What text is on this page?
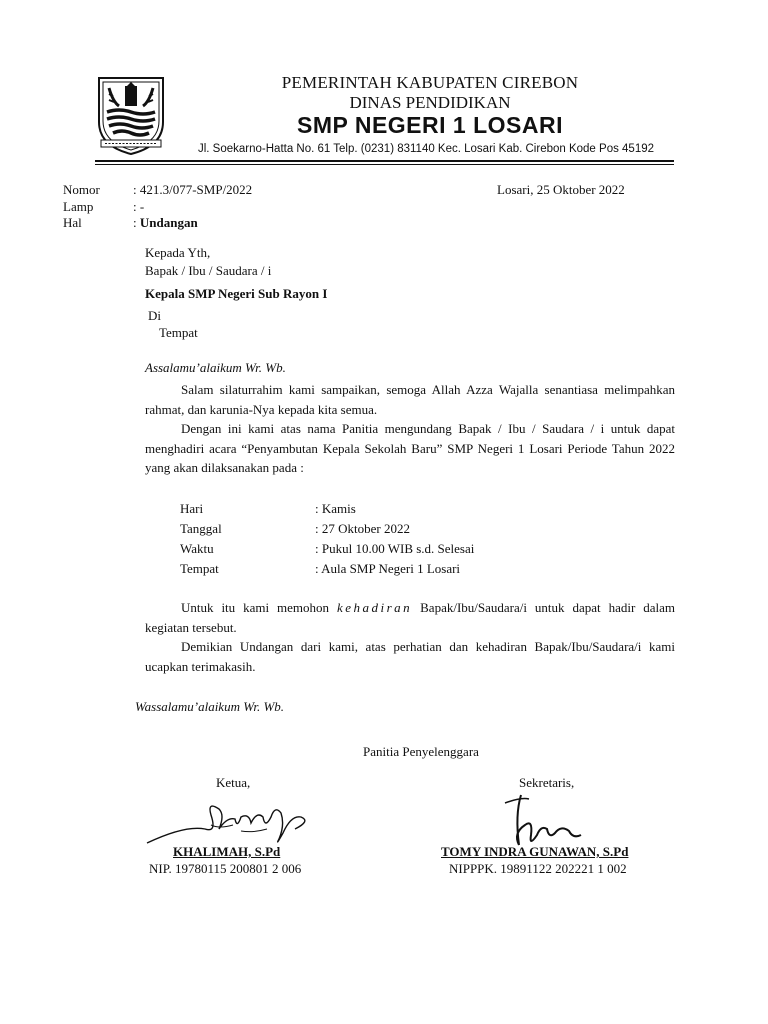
PEMERINTAH KABUPATEN CIREBON
DINAS PENDIDIKAN
SMP NEGERI 1 LOSARI
Jl. Soekarno-Hatta No. 61 Telp. (0231) 831140 Kec. Losari Kab. Cirebon Kode Pos 45192
Nomor	: 421.3/077-SMP/2022
Lamp	: -
Hal	: Undangan
Losari, 25 Oktober 2022
Kepada Yth,
Bapak / Ibu / Saudara / i
Kepala SMP Negeri Sub Rayon I
Di
Tempat
Assalamu’alaikum Wr. Wb.
Salam silaturrahim kami sampaikan, semoga Allah Azza Wajalla senantiasa melimpahkan rahmat, dan karunia-Nya kepada kita semua.
Dengan ini kami atas nama Panitia mengundang Bapak / Ibu / Saudara / i untuk dapat menghadiri acara “Penyambutan Kepala Sekolah Baru” SMP Negeri 1 Losari Periode Tahun 2022 yang akan dilaksanakan pada :
Hari	: Kamis
Tanggal	: 27 Oktober 2022
Waktu	: Pukul 10.00 WIB s.d. Selesai
Tempat	: Aula SMP Negeri 1 Losari
Untuk itu kami memohon kehadiran Bapak/Ibu/Saudara/i untuk dapat hadir dalam kegiatan tersebut.
Demikian Undangan dari kami, atas perhatian dan kehadiran Bapak/Ibu/Saudara/i kami ucapkan terimakasih.
Wassalamu’alaikum Wr. Wb.
Panitia Penyelenggara
Ketua,	Sekretaris,
KHALIMAH, S.Pd	TOMY INDRA GUNAWAN, S.Pd
NIP. 19780115 200801 2 006	NIPPPK. 19891122 202221 1 002
